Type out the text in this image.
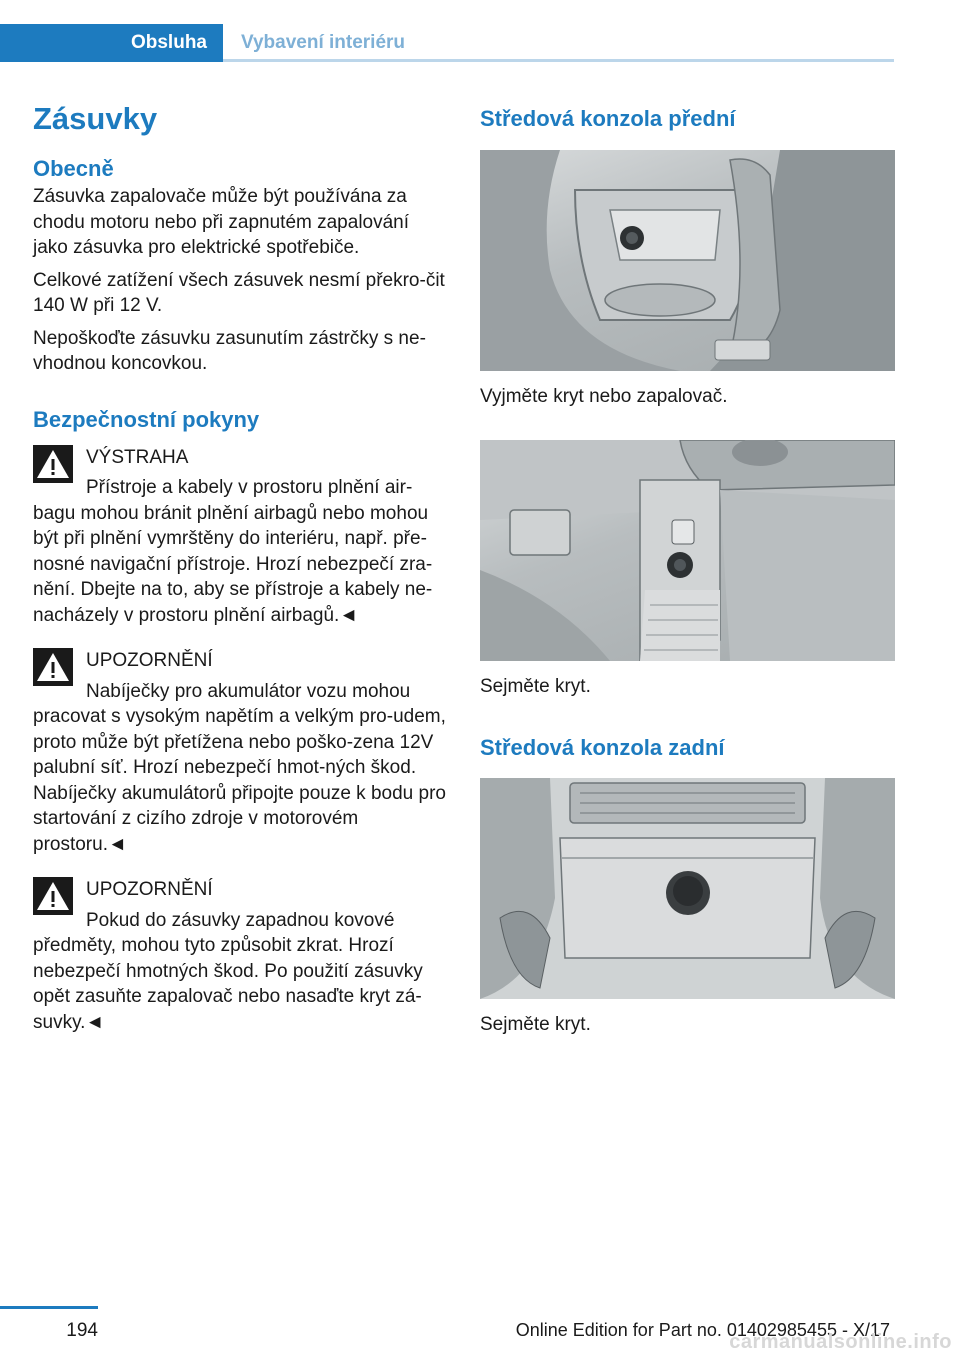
Obsluha	Vybavení interiéru
Zásuvky
Obecně
Zásuvka zapalovače může být používána za chodu motoru nebo při zapnutém zapalování jako zásuvka pro elektrické spotřebiče.
Celkové zatížení všech zásuvek nesmí překro‐čit 140 W při 12 V.
Nepoškoďte zásuvku zasunutím zástrčky s ne‐vhodnou koncovkou.
Bezpečnostní pokyny
VÝSTRAHA
Přístroje a kabely v prostoru plnění air‐
bagu mohou bránit plnění airbagů nebo mohou být při plnění vymrštěny do interiéru, např. pře‐nosné navigační přístroje. Hrozí nebezpečí zra‐nění. Dbejte na to, aby se přístroje a kabely ne‐nacházely v prostoru plnění airbagů.◄
UPOZORNĚNÍ
Nabíječky pro akumulátor vozu mohou
pracovat s vysokým napětím a velkým pro‐udem, proto může být přetížena nebo poško‐zena 12V palubní síť. Hrozí nebezpečí hmot‐ných škod. Nabíječky akumulátorů připojte pouze k bodu pro startování z cizího zdroje v motorovém prostoru.◄
UPOZORNĚNÍ
Pokud do zásuvky zapadnou kovové
předměty, mohou tyto způsobit zkrat. Hrozí nebezpečí hmotných škod. Po použití zásuvky opět zasuňte zapalovač nebo nasaďte kryt zá‐suvky.◄
Středová konzola přední
Vyjměte kryt nebo zapalovač.
Sejměte kryt.
Středová konzola zadní
Sejměte kryt.
194	Online Edition for Part no. 01402985455 - X/17
carmanualsonline.info
